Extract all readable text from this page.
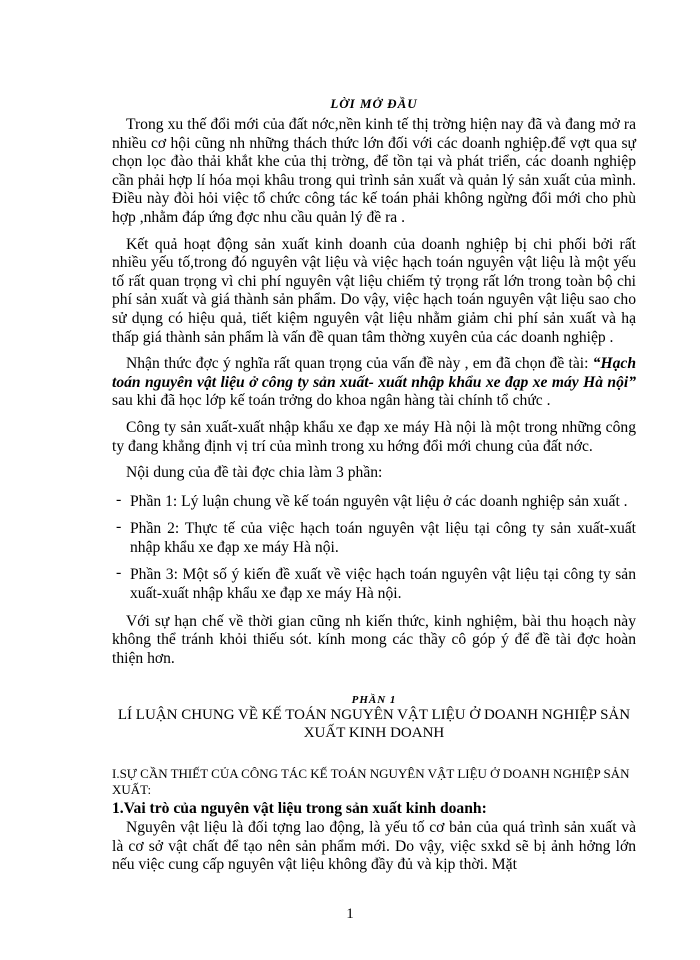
LỜI MỞ ĐẦU

Trong xu thế đổi mới của đất nớc,nền kinh tế thị trờng hiện nay đã và đang mở ra nhiều cơ hội cũng nh những thách thức lớn đối với các doanh nghiệp.để vợt qua sự chọn lọc đào thải khắt khe của thị trờng, để tồn tại và phát triển, các doanh nghiệp cần phải hợp lí hóa mọi khâu trong qui trình sản xuất và quản lý sản xuất của mình. Điều này đòi hỏi việc tổ chức công tác kế toán phải không ngừng đổi mới cho phù hợp ,nhằm đáp ứng đợc nhu cầu quản lý đề ra .

Kết quả hoạt động sản xuất kinh doanh của doanh nghiệp bị chi phối bởi rất nhiều yếu tố,trong đó nguyên vật liệu và việc hạch toán nguyên vật liệu là một yếu tố rất quan trọng vì chi phí nguyên vật liệu chiếm tỷ trọng rất lớn trong toàn bộ chi phí sản xuất và giá thành sản phẩm. Do vậy, việc hạch toán nguyên vật liệu sao cho sử dụng có hiệu quả, tiết kiệm nguyên vật liệu nhằm giảm chi phí sản xuất và hạ thấp giá thành sản phẩm là vấn đề quan tâm thờng xuyên của các doanh nghiệp .

Nhận thức đợc ý nghĩa rất quan trọng của vấn đề này , em đã chọn đề tài: “Hạch toán nguyên vật liệu ở công ty sản xuất- xuất nhập khẩu xe đạp xe máy Hà nội” sau khi đã học lớp kế toán trởng do khoa ngân hàng tài chính tổ chức .

Công ty sản xuất-xuất nhập khẩu xe đạp xe máy Hà nội là một trong những công ty đang khẳng định vị trí của mình trong xu hớng đổi mới chung của đất nớc.

Nội dung của đề tài đợc chia làm 3 phần:

- Phần 1: Lý luận chung về kế toán nguyên vật liệu ở các doanh nghiệp sản xuất .

- Phần 2: Thực tế của việc hạch toán nguyên vật liệu tại công ty sản xuất-xuất nhập khẩu xe đạp xe máy Hà nội.

- Phần 3: Một số ý kiến đề xuất về việc hạch toán nguyên vật liệu tại công ty sản xuất-xuất nhập khẩu xe đạp xe máy Hà nội.

Với sự hạn chế về thời gian cũng nh kiến thức, kinh nghiệm, bài thu hoạch này không thể tránh khỏi thiếu sót. kính mong các thầy cô góp ý để đề tài đợc hoàn thiện hơn.

PHẦN 1
LÍ LUẬN CHUNG VỀ KẾ TOÁN NGUYÊN VẬT LIỆU Ở DOANH NGHIỆP SẢN XUẤT KINH DOANH

I.SỰ CẦN THIẾT CỦA CÔNG TÁC KẾ TOÁN NGUYÊN VẬT LIỆU Ở DOANH NGHIỆP SẢN XUẤT:

1.Vai trò của nguyên vật liệu trong sản xuất kinh doanh:

Nguyên vật liệu là đối tợng lao động, là yếu tố cơ bản của quá trình sản xuất và là cơ sở vật chất để tạo nên sản phẩm mới. Do vậy, việc sxkd sẽ bị ảnh hởng lớn nếu việc cung cấp nguyên vật liệu không đầy đủ và kịp thời. Mặt

1
